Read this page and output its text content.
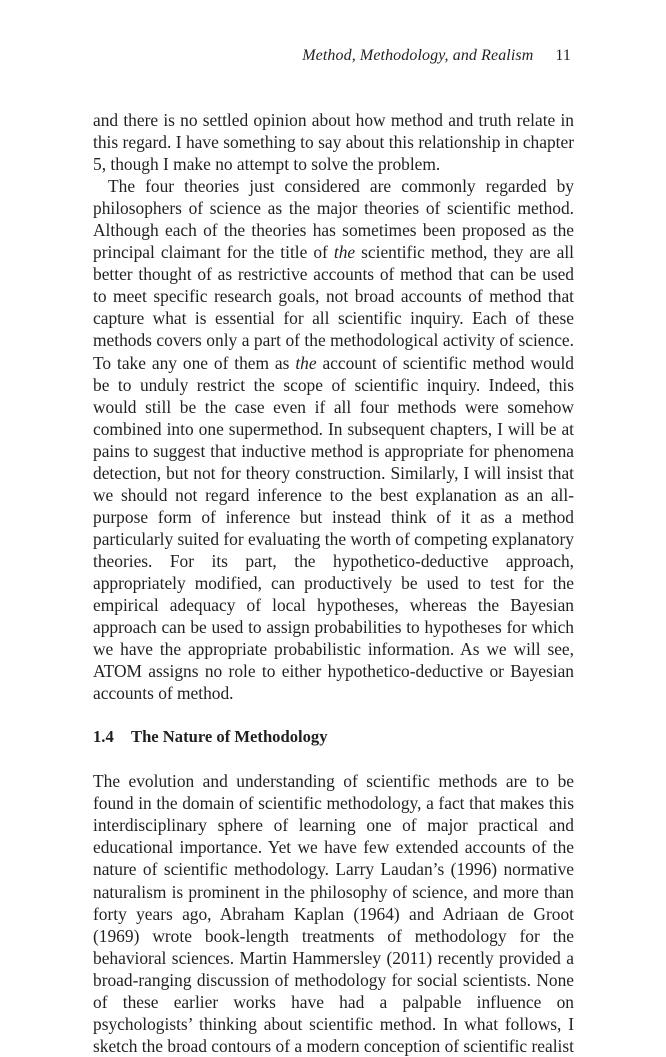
Method, Methodology, and Realism 11

and there is no settled opinion about how method and truth relate in this regard. I have something to say about this relationship in chapter 5, though I make no attempt to solve the problem.

The four theories just considered are commonly regarded by philosophers of science as the major theories of scientific method. Although each of the theories has sometimes been proposed as the principal claimant for the title of the scientific method, they are all better thought of as restrictive accounts of method that can be used to meet specific research goals, not broad accounts of method that capture what is essential for all scientific inquiry. Each of these methods covers only a part of the methodological activity of science. To take any one of them as the account of scientific method would be to unduly restrict the scope of scientific inquiry. Indeed, this would still be the case even if all four methods were somehow combined into one supermethod. In subsequent chapters, I will be at pains to suggest that inductive method is appropriate for phenomena detection, but not for theory construction. Similarly, I will insist that we should not regard inference to the best explanation as an all-purpose form of inference but instead think of it as a method particularly suited for evaluating the worth of competing explanatory theories. For its part, the hypothetico-deductive approach, appropriately modified, can productively be used to test for the empirical adequacy of local hypotheses, whereas the Bayesian approach can be used to assign probabilities to hypotheses for which we have the appropriate probabilistic information. As we will see, ATOM assigns no role to either hypothetico-deductive or Bayesian accounts of method.

1.4 The Nature of Methodology

The evolution and understanding of scientific methods are to be found in the domain of scientific methodology, a fact that makes this interdisciplinary sphere of learning one of major practical and educational importance. Yet we have few extended accounts of the nature of scientific methodology. Larry Laudan’s (1996) normative naturalism is prominent in the philosophy of science, and more than forty years ago, Abraham Kaplan (1964) and Adriaan de Groot (1969) wrote book-length treatments of methodology for the behavioral sciences. Martin Hammersley (2011) recently provided a broad-ranging discussion of methodology for social scientists. None of these earlier works have had a palpable influence on psychologists’ thinking about scientific method. In what follows, I sketch the broad contours of a modern conception of scientific realist
